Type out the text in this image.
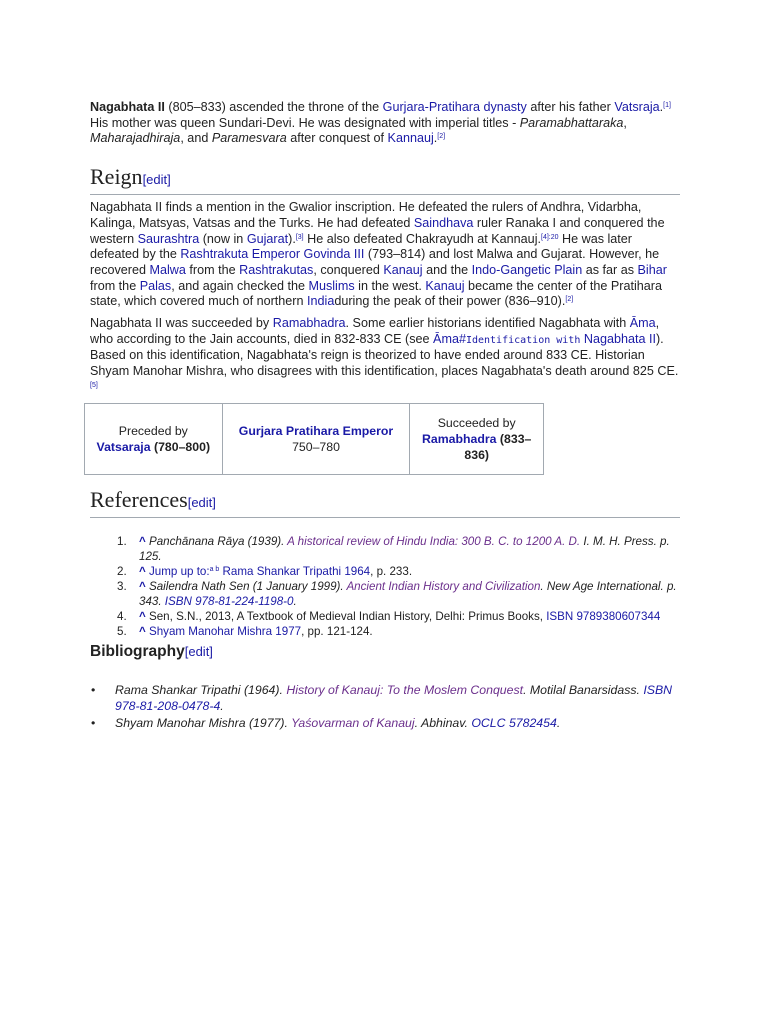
Nagabhata II (805–833) ascended the throne of the Gurjara-Pratihara dynasty after his father Vatsraja.[1] His mother was queen Sundari-Devi. He was designated with imperial titles - Paramabhattaraka, Maharajadhiraja, and Paramesvara after conquest of Kannauj.[2]

Reign[edit]

Nagabhata II finds a mention in the Gwalior inscription. He defeated the rulers of Andhra, Vidarbha, Kalinga, Matsyas, Vatsas and the Turks. He had defeated Saindhava ruler Ranaka I and conquered the western Saurashtra (now in Gujarat).[3] He also defeated Chakrayudh at Kannauj.$^{[4]:20}$ He was later defeated by the Rashtrakuta Emperor Govinda III (793–814) and lost Malwa and Gujarat. However, he recovered Malwa from the Rashtrakutas, conquered Kanauj and the Indo-Gangetic Plain as far as Bihar from the Palas, and again checked the Muslims in the west. Kanauj became the center of the Pratihara state, which covered much of northern Indiaduring the peak of their power (836–910).[2]

Nagabhata II was succeeded by Ramabhadra. Some earlier historians identified Nagabhata with Āma, who according to the Jain accounts, died in 832-833 CE (see Āma#Identification with Nagabhata II). Based on this identification, Nagabhata's reign is theorized to have ended around 833 CE. Historian Shyam Manohar Mishra, who disagrees with this identification, places Nagabhata's death around 825 CE.[5]

Preceded by
Vatsaraja (780–800)

Gurjara Pratihara Emperor
750–780

Succeeded by
Ramabhadra (833–836)
References[edit]
1. ^ Panchānana Rāya (1939). A historical review of Hindu India: 300 B. C. to 1200 A. D. I. M. H. Press. p. 125.
2. ^ Jump up to:$^{a b}$ Rama Shankar Tripathi 1964, p. 233.
3. ^ Sailendra Nath Sen (1 January 1999). Ancient Indian History and Civilization. New Age International. p. 343. ISBN 978-81-224-1198-0.
4. ^ Sen, S.N., 2013, A Textbook of Medieval Indian History, Delhi: Primus Books, ISBN 9789380607344
5. ^ Shyam Manohar Mishra 1977, pp. 121-124.
Bibliography[edit]
• Rama Shankar Tripathi (1964). History of Kanauj: To the Moslem Conquest. Motilal Banarsidass. ISBN 978-81-208-0478-4.
• Shyam Manohar Mishra (1977). Yaśovarman of Kanauj. Abhinav. OCLC 5782454.
